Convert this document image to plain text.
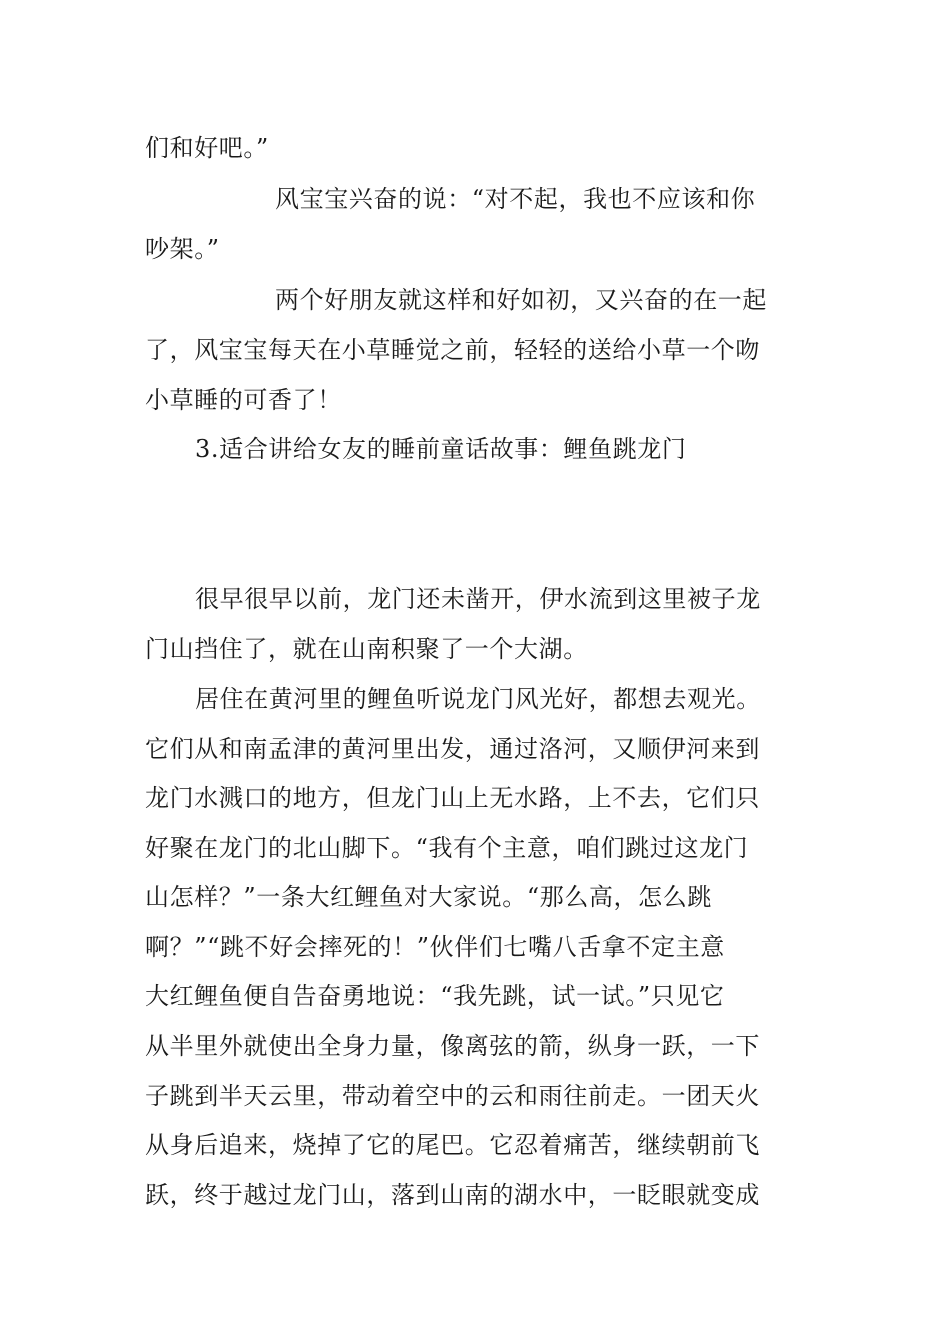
们和好吧。”
风宝宝兴奋的说：“对不起，我也不应该和你
吵架。”
两个好朋友就这样和好如初，又兴奋的在一起
了，风宝宝每天在小草睡觉之前，轻轻的送给小草一个吻
小草睡的可香了！
3.适合讲给女友的睡前童话故事：鲤鱼跳龙门
很早很早以前，龙门还未凿开，伊水流到这里被子龙
门山挡住了，就在山南积聚了一个大湖。
居住在黄河里的鲤鱼听说龙门风光好，都想去观光。
它们从和南孟津的黄河里出发，通过洛河，又顺伊河来到
龙门水溅口的地方，但龙门山上无水路，上不去，它们只
好聚在龙门的北山脚下。“我有个主意，咱们跳过这龙门
山怎样？”一条大红鲤鱼对大家说。“那么高，怎么跳
啊？”“跳不好会摔死的！”伙伴们七嘴八舌拿不定主意
大红鲤鱼便自告奋勇地说：“我先跳，试一试。”只见它
从半里外就使出全身力量，像离弦的箭，纵身一跃，一下
子跳到半天云里，带动着空中的云和雨往前走。一团天火
从身后追来，烧掉了它的尾巴。它忍着痛苦，继续朝前飞
跃，终于越过龙门山，落到山南的湖水中，一眨眼就变成
